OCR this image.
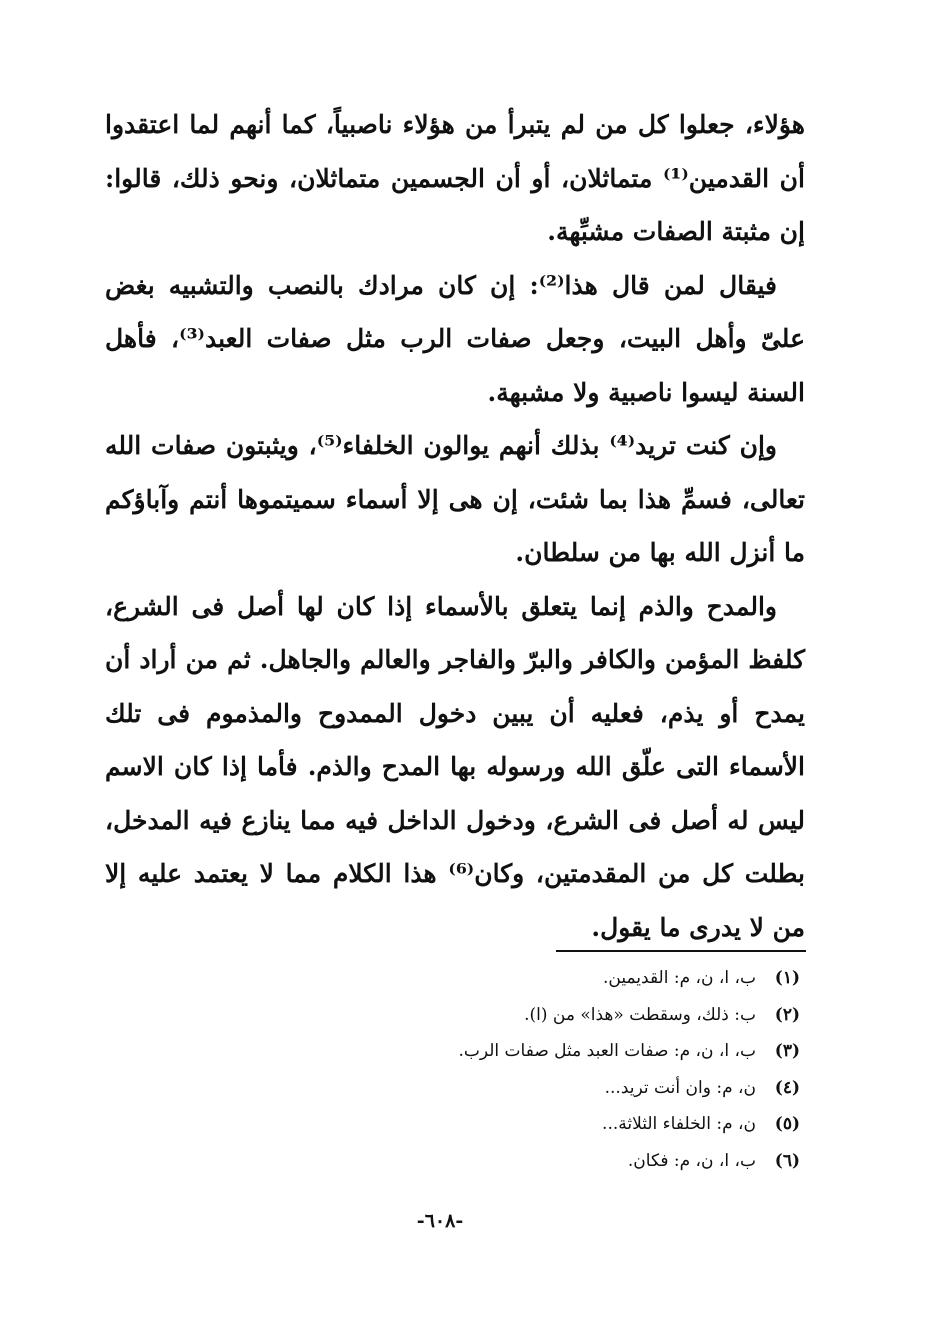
هؤلاء، جعلوا كل من لم يتبرأ من هؤلاء ناصبياً، كما أنهم لما اعتقدوا أن القدمين⁽¹⁾ متماثلان، أو أن الجسمين متماثلان، ونحو ذلك، قالوا: إن مثبتة الصفات مشبِّهة.

فيقال لمن قال هذا⁽²⁾: إن كان مرادك بالنصب والتشبيه بغض علىّ وأهل البيت، وجعل صفات الرب مثل صفات العبد⁽³⁾، فأهل السنة ليسوا ناصبية ولا مشبهة.

وإن كنت تريد⁽⁴⁾ بذلك أنهم يوالون الخلفاء⁽⁵⁾، ويثبتون صفات الله تعالى، فسمِّ هذا بما شئت، إن هى إلا أسماء سميتموها أنتم وآباؤكم ما أنزل الله بها من سلطان.

والمدح والذم إنما يتعلق بالأسماء إذا كان لها أصل فى الشرع، كلفظ المؤمن والكافر والبرّ والفاجر والعالم والجاهل. ثم من أراد أن يمدح أو يذم، فعليه أن يبين دخول الممدوح والمذموم فى تلك الأسماء التى علّق الله ورسوله بها المدح والذم. فأما إذا كان الاسم ليس له أصل فى الشرع، ودخول الداخل فيه مما ينازع فيه المدخل، بطلت كل من المقدمتين، وكان⁽⁶⁾ هذا الكلام مما لا يعتمد عليه إلا من لا يدرى ما يقول.

(١)
ب، ا، ن، م: القديمين.
(٢)
ب: ذلك، وسقطت «هذا» من (ا).
(٣)
ب، ا، ن، م: صفات العبد مثل صفات الرب.
(٤)
ن، م: وان أنت تريد...
(٥)
ن، م: الخلفاء الثلاثة...
(٦)
ب، ا، ن، م: فكان.
-٦٠٨-
